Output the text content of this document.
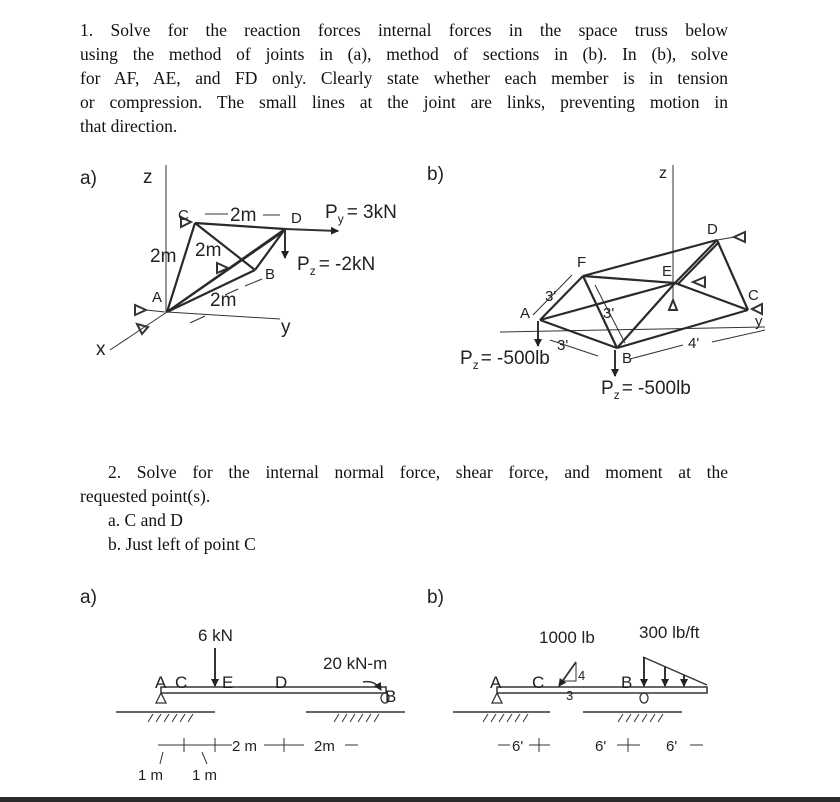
1. Solve for the reaction forces internal forces in the space truss below
using the method of joints in (a), method of sections in (b). In (b), solve
for AF, AE, and FD only. Clearly state whether each member is in tension
or compression. The small lines at the joint are links, preventing motion in
that direction.
2. Solve for the internal normal force, shear force, and moment at the
requested point(s).
a. C and D
b. Just left of point C
a) z
y
x
C 2m D $P_y = 3kN$
2m 2m
B $P_z = -2kN$
A	2m
b)	z
F
E
D
C
A
B
y
3'
3'
3'	4'
$P_z = -500lb$
$P_z = -500lb$
a)
6 kN
20 kN-m
A C E D
B
2 m	2m
1 m 1 m
b)
1000 lb	300 lb/ft
A C	B
4
3
6'	6'	6'
